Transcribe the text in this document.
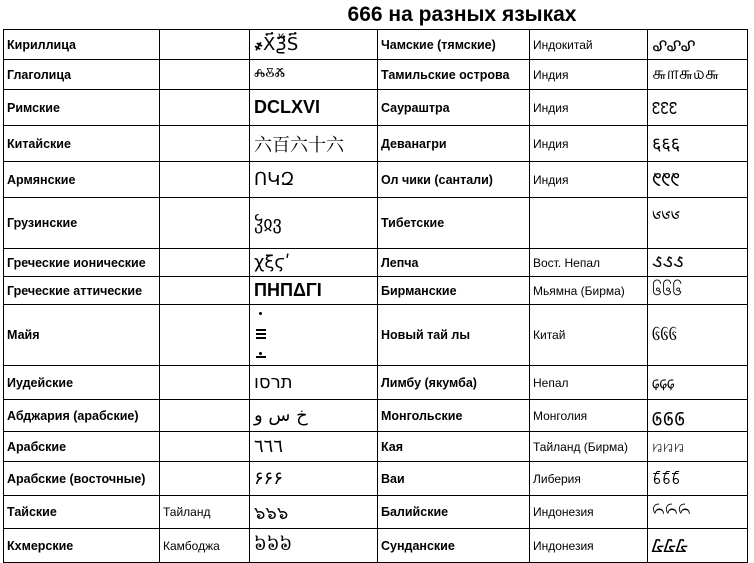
666 на разных языках
Кириллица		҂Х҃Ѯ҃Ѕ҃	Чамские (тямские)	Индокитай	꩖꩖꩖
Глаголица		ⰾⰻⰶ	Тамильские острова	Индия	௬௱௬௰௬
Римские		DCLXVI	Саураштра	Индия	꣖꣖꣖
Китайские		六百六十六	Деванагри	Индия	६६६
Армянские		ՈԿԶ	Ол чики (сантали)	Индия	᱖᱖᱖
Грузинские		ჴჲვ	Тибетские		༦༦༦
Греческие ионические		χξϛʹ	Лепча	Вост. Непал	᱆᱆᱆
Греческие аттические		ΠΗΠΔΓΙ	Бирманские	Мьямна (Бирма)	၆၆၆
Майя			Новый тай лы	Китай	᧖᧖᧖
Иудейские		תרסו	Лимбу (якумба)	Непал	᥌᥌᥌
Абджария (арабские)		خ س و	Монгольские	Монголия	᠖᠖᠖
Арабские		٦٦٦	Кая	Тайланд (Бирма)	꤆꤆꤆
Арабские (восточные)		۶۶۶	Ваи	Либерия	꘦꘦꘦
Тайские	Тайланд	๖๖๖	Балийские	Индонезия	᭖᭖᭖
Кхмерские	Камбоджа	៦៦៦	Сунданские	Индонезия	᮶᮶᮶
